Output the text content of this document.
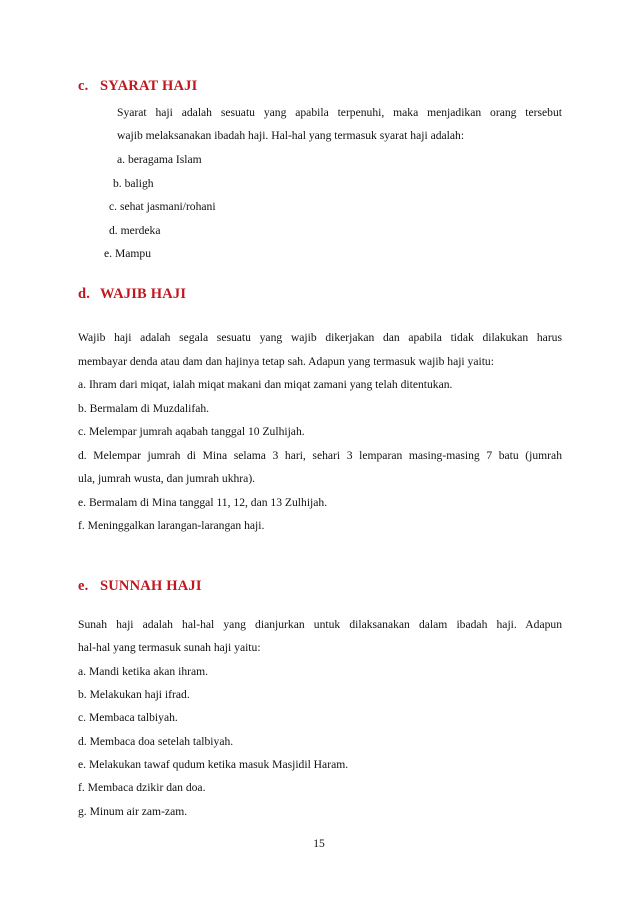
c. SYARAT HAJI
Syarat haji adalah sesuatu yang apabila terpenuhi, maka menjadikan orang tersebut
wajib melaksanakan ibadah haji. Hal-hal yang termasuk syarat haji adalah:
a. beragama Islam
b. baligh
c. sehat jasmani/rohani
d. merdeka
e. Mampu
d. WAJIB HAJI
Wajib haji adalah segala sesuatu yang wajib dikerjakan dan apabila tidak dilakukan harus
membayar denda atau dam dan hajinya tetap sah. Adapun yang termasuk wajib haji yaitu:
a. Ihram dari miqat, ialah miqat makani dan miqat zamani yang telah ditentukan.
b. Bermalam di Muzdalifah.
c. Melempar jumrah aqabah tanggal 10 Zulhijah.
d. Melempar jumrah di Mina selama 3 hari, sehari 3 lemparan masing-masing 7 batu (jumrah
ula, jumrah wusta, dan jumrah ukhra).
e. Bermalam di Mina tanggal 11, 12, dan 13 Zulhijah.
f. Meninggalkan larangan-larangan haji.
e. SUNNAH HAJI
Sunah haji adalah hal-hal yang dianjurkan untuk dilaksanakan dalam ibadah haji. Adapun
hal-hal yang termasuk sunah haji yaitu:
a. Mandi ketika akan ihram.
b. Melakukan haji ifrad.
c. Membaca talbiyah.
d. Membaca doa setelah talbiyah.
e. Melakukan tawaf qudum ketika masuk Masjidil Haram.
f. Membaca dzikir dan doa.
g. Minum air zam-zam.
15
